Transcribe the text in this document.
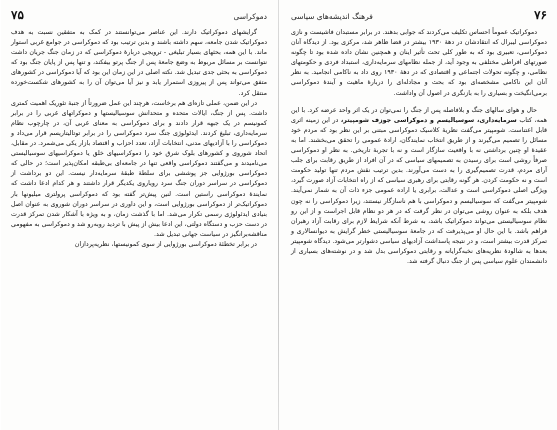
٧۶
فرهنگ اندیشه‌های سیاسی

دموکراتیک عموماً احساس تکلیف می‌کردند که جوابی بدهند. در برابر مستبدان فاشیست و نازی دموکراسی لیبرال که انتقادشان در دههٔ ۱۹۳۰ بیشتر در قضا ظاهر شد، مرکزی بود. از دیدگاه آنان دموکراسی، تعبیری بود که به طور کلی تحت تأثیر اینان و همچنین نشان داده شده بود تا چگونه صورتهای افراطی مختلفی به وجود آید، از جمله نظامهای سرمایه‌داری، استبداد فردی و حکومتهای نظامی، و چگونه تحولات اجتماعی و اقتصادی که در دههٔ ۱۹۳۰ روی داد به ناکامی انجامید. به نظر آنان این ناکامی مشخصه‌ای بود که بحث و مجادله‌ای را دربارهٔ ماهیت و آیندهٔ دموکراسی برمی‌انگیخت و بسیاری را به بازنگری در اصول آن واداشت.

حال و هوای سالهای جنگ و بلافاصله پس از جنگ را نمی‌توان در یک اثر واحد عرضه کرد. با این همه، کتاب سرمایه‌داری، سوسیالیسم و دموکراسی جوزف شومپیتر، در این زمینه اثری قابل اعتناست. شومپیتر می‌گفت نظریهٔ کلاسیک دموکراسی مبتنی بر این نظر بود که مردم خود مسائل را تصمیم می‌گیرند و از طریق انتخاب نمایندگان، ارادهٔ عمومی را تحقق می‌بخشند. اما به عقیدهٔ او چنین برداشتی نه با واقعیت سازگار است و نه با تجربهٔ تاریخی. به نظر او دموکراسی صرفاً روشی است برای رسیدن به تصمیمهای سیاسی که در آن افراد از طریق رقابت برای جلب آرای مردم، قدرت تصمیم‌گیری را به دست می‌آورند. بدین ترتیب نقش مردم تنها تولید حکومت است و نه حکومت کردن. هر گونه رقابتی برای رهبری سیاسی که از راه انتخابات آزاد صورت گیرد، ویژگی اصلی دموکراسی است و عدالت، برابری یا اراده عمومی جزء ذات آن به شمار نمی‌آیند. شومپیتر می‌گفت که سوسیالیسم و دموکراسی با هم ناسازگار نیستند، زیرا دموکراسی را نه چون هدف بلکه به عنوان روشی می‌توان در نظر گرفت که در هر دو نظام قابل اجراست و از این رو نظام سوسیالیستی می‌تواند دموکراتیک باشد، به شرط آنکه شرایط لازم برای رقابت آزاد رهبران فراهم باشد. با این حال او می‌پذیرفت که در جامعهٔ سوسیالیستی خطر گرایش به دیوانسالاری و تمرکز قدرت بیشتر است، و در نتیجه پاسداشت آزادیهای سیاسی دشوارتر می‌شود. دیدگاه شومپیتر بعدها به شالودهٔ نظریه‌های نخبه‌گرایانه و رقابتی دموکراسی بدل شد و در نوشته‌های بسیاری از دانشمندان علوم سیاسی پس از جنگ دنبال گرفته شد.

دموکراسی
٧۵

گرایشهای دموکراتیک دارند. این عناصر می‌توانستند در کمک به متفقین نسبت به هدف دموکراتیک شدن جامعه، سهم داشته باشند و بدین ترتیب بود که دموکراسی در جوامع غربی استوار ماند. با این همه، بحثهای بسیار تبلیغی - ترویجی دربارهٔ دموکراسی که در زمان جنگ جریان داشت نتوانست بر مسائل مربوط به وضع جامعهٔ پس از جنگ پرتو بیفکند، و تنها پس از پایان جنگ بود که دموکراسی به بحثی جدی تبدیل شد. نکته اصلی در این زمان این بود که آیا دموکراسی در کشورهای متفق می‌تواند پس از پیروزی استمرار یابد و نیز آیا می‌توان آن را به کشورهای شکست‌خورده منتقل کرد.

در این ضمن، عملی تازه‌ای هم برخاست، هرچند این عمل ضرورتاً از جنبهٔ تئوریک اهمیت کمتری داشت. پس از جنگ، ایالات متحده و متحدانش سوسیالیستها و دموکراتهای غربی را در برابر کمونیسم در یک جبهه قرار دادند و برای دموکراسی به معنای غربی آن، در چارچوب نظام سرمایه‌داری، تبلیغ کردند. ایدئولوژی جنگ سرد دموکراسی را در برابر توتالیتاریسم قرار می‌داد و دموکراسی را با آزادیهای مدنی، انتخابات آزاد، تعدد احزاب و اقتصاد بازار یکی می‌شمرد. در مقابل، اتحاد شوروی و کشورهای بلوک شرق خود را دموکراسیهای خلق یا دموکراسیهای سوسیالیستی می‌نامیدند و می‌گفتند دموکراسی واقعی تنها در جامعه‌ای بی‌طبقه امکان‌پذیر است؛ در حالی که دموکراسی بورژوایی جز پوششی برای سلطهٔ طبقهٔ سرمایه‌دار نیست. این دو برداشت از دموکراسی در سراسر دوران جنگ سرد رویاروی یکدیگر قرار داشتند و هر کدام ادعا داشت که نمایندهٔ دموکراسی راستین است. لنین پیش‌تر گفته بود که دموکراسی پرولتری میلیونها بار دموکراتیک‌تر از دموکراسی بورژوایی است، و این داوری در سراسر دوران شوروی به عنوان اصل بنیادی ایدئولوژی رسمی تکرار می‌شد. اما با گذشت زمان، و به ویژه با آشکار شدن تمرکز قدرت در دست حزب و دستگاه دولتی، این ادعا بیش از پیش با تردید روبه‌رو شد و دموکراسی به مفهومی مناقشه‌برانگیز در سیاست جهانی تبدیل شد.

در برابر تخطئهٔ دموکراسی بورژوایی از سوی کمونیستها، نظریه‌پردازان
